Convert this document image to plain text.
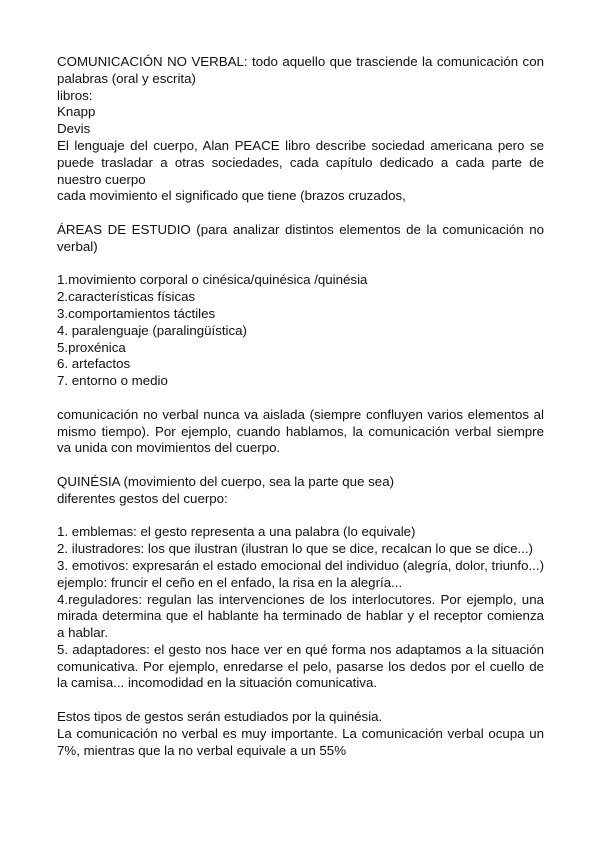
COMUNICACIÓN NO VERBAL: todo aquello que trasciende la comunicación con palabras (oral y escrita)
libros:
Knapp
Devis
El lenguaje del cuerpo, Alan PEACE libro describe sociedad americana pero se puede trasladar a otras sociedades, cada capítulo dedicado a cada parte de nuestro cuerpo
cada movimiento el significado que tiene (brazos cruzados,
ÁREAS DE ESTUDIO (para analizar distintos elementos de la comunicación no verbal)
1.movimiento corporal o cinésica/quinésica /quinésia
2.características físicas
3.comportamientos táctiles
4. paralenguaje (paralingüística)
5.proxénica
6. artefactos
7. entorno o medio
comunicación no verbal nunca va aislada (siempre confluyen varios elementos al mismo tiempo). Por ejemplo, cuando hablamos, la comunicación verbal siempre va unida con movimientos del cuerpo.
QUINÉSIA (movimiento del cuerpo, sea la parte que sea)
diferentes gestos del cuerpo:
1. emblemas: el gesto representa a una palabra (lo equivale)
2. ilustradores: los que ilustran (ilustran lo que se dice, recalcan lo que se dice...)
3. emotivos: expresarán el estado emocional del individuo (alegría, dolor, triunfo...) ejemplo: fruncir el ceño en el enfado, la risa en la alegría...
4.reguladores: regulan las intervenciones de los interlocutores. Por ejemplo, una mirada determina que el hablante ha terminado de hablar y el receptor comienza a hablar.
5. adaptadores: el gesto nos hace ver en qué forma nos adaptamos a la situación comunicativa. Por ejemplo, enredarse el pelo, pasarse los dedos por el cuello de la camisa... incomodidad en la situación comunicativa.
Estos tipos de gestos serán estudiados por la quinésia.
La comunicación no verbal es muy importante. La comunicación verbal ocupa un 7%, mientras que la no verbal equivale a un 55%
